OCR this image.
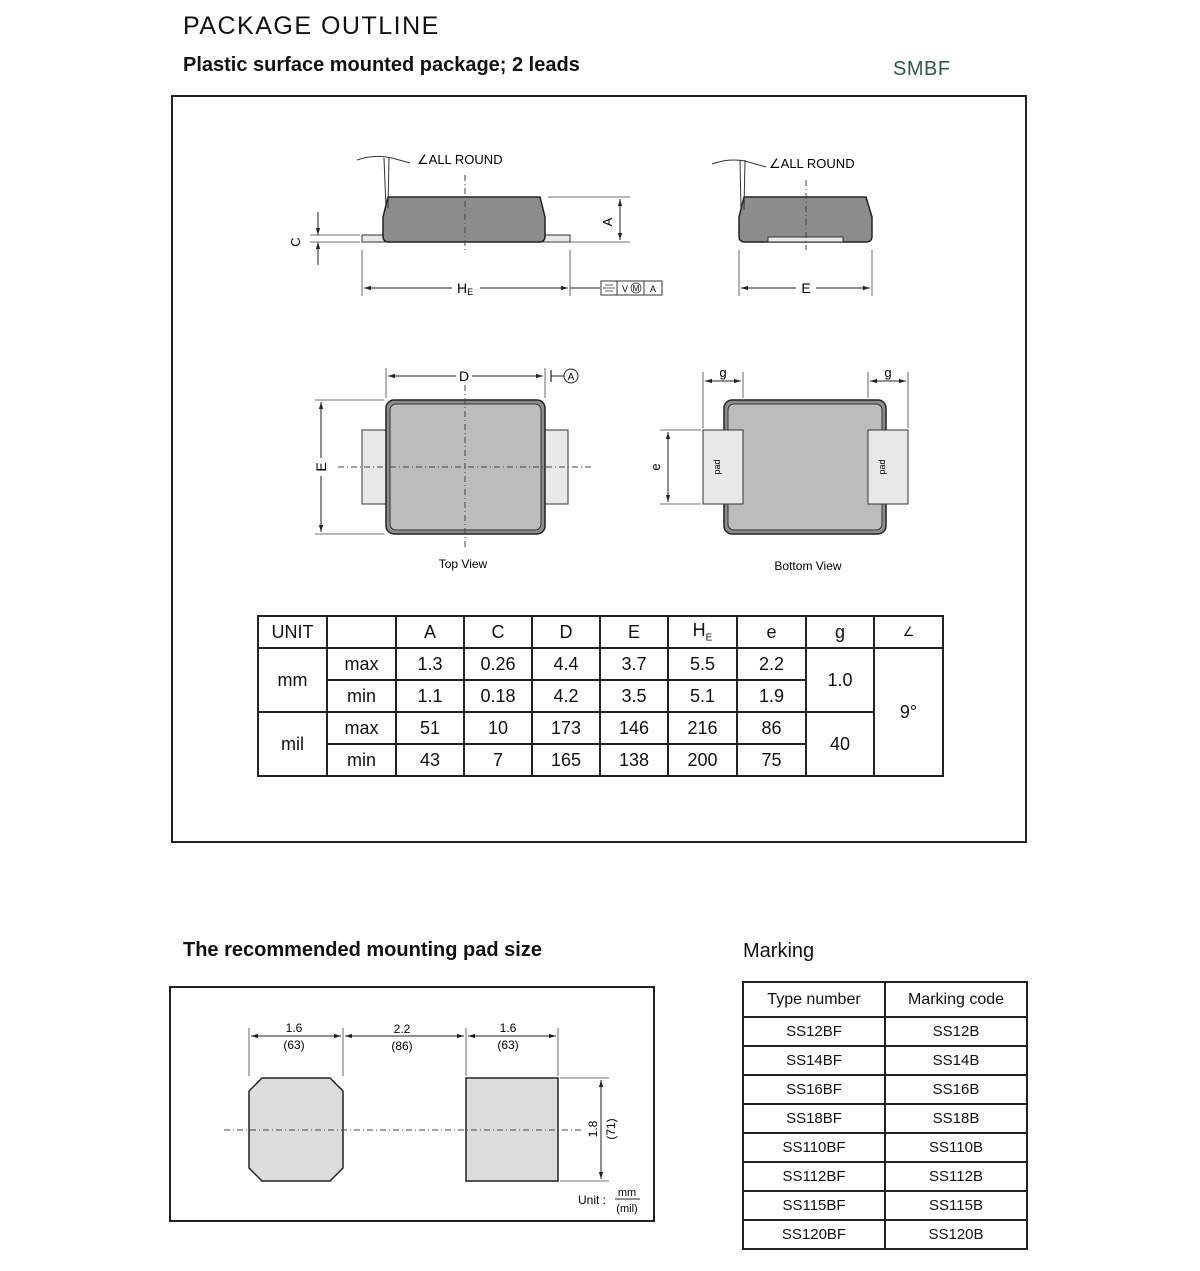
PACKAGE OUTLINE
Plastic surface mounted package; 2 leads	SMBF
∠ALL ROUND
A
C
HE	V M A
∠ALL ROUND
E
D	A
E
Top View
pad	pad
g	g
e
Bottom View
UNIT		A	C	D	E	$H_E$	e	g	∠
mm	max	1.3	0.26	4.4	3.7	5.5	2.2	1.0	9°
	min	1.1	0.18	4.2	3.5	5.1	1.9		
mil	max	51	10	173	146	216	86	40	
	min	43	7	165	138	200	75		
The recommended mounting pad size
1.6
(63)
2.2
(86)
1.6
(63)
1.8 (71)
Unit : mm
(mil)
Marking
Type number	Marking code
SS12BF	SS12B
SS14BF	SS14B
SS16BF	SS16B
SS18BF	SS18B
SS110BF	SS110B
SS112BF	SS112B
SS115BF	SS115B
SS120BF	SS120B
